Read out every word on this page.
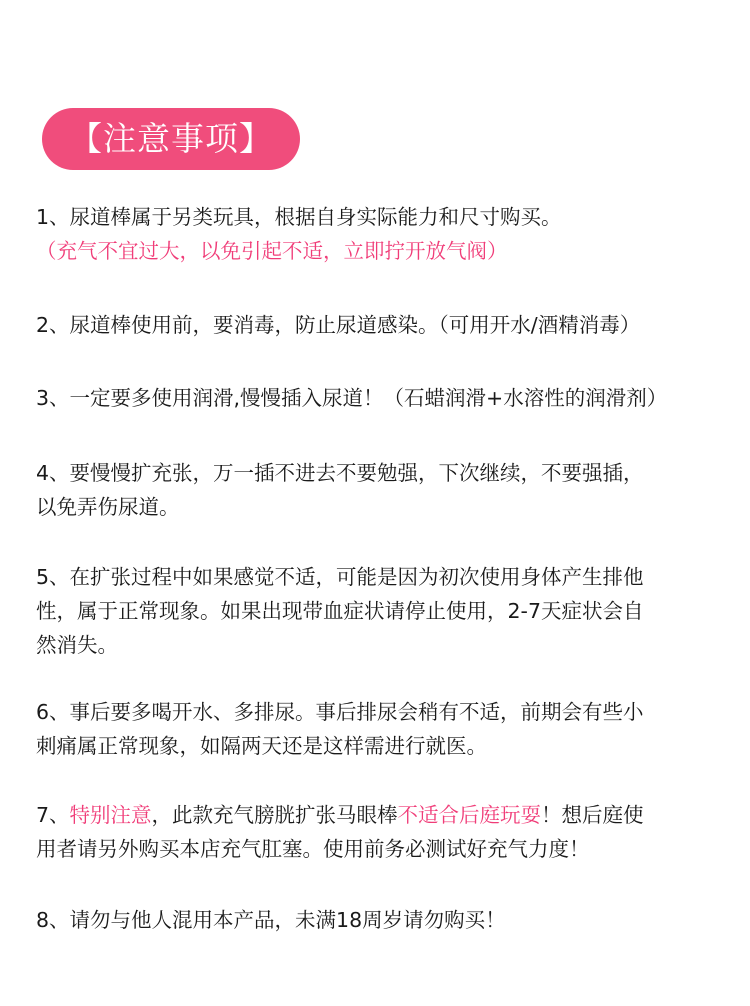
【注意事项】

1、尿道棒属于另类玩具，根据自身实际能力和尺寸购买。
（充气不宜过大，以免引起不适，立即拧开放气阀）

2、尿道棒使用前，要消毒，防止尿道感染。（可用开水/酒精消毒）

3、一定要多使用润滑,慢慢插入尿道！（石蜡润滑+水溶性的润滑剂）

4、要慢慢扩充张，万一插不进去不要勉强，下次继续，不要强插，
以免弄伤尿道。

5、在扩张过程中如果感觉不适，可能是因为初次使用身体产生排他
性，属于正常现象。如果出现带血症状请停止使用，2-7天症状会自
然消失。

6、事后要多喝开水、多排尿。事后排尿会稍有不适，前期会有些小
刺痛属正常现象，如隔两天还是这样需进行就医。

7、特别注意，此款充气膀胱扩张马眼棒不适合后庭玩耍！想后庭使
用者请另外购买本店充气肛塞。使用前务必测试好充气力度！

8、请勿与他人混用本产品，未满18周岁请勿购买！
